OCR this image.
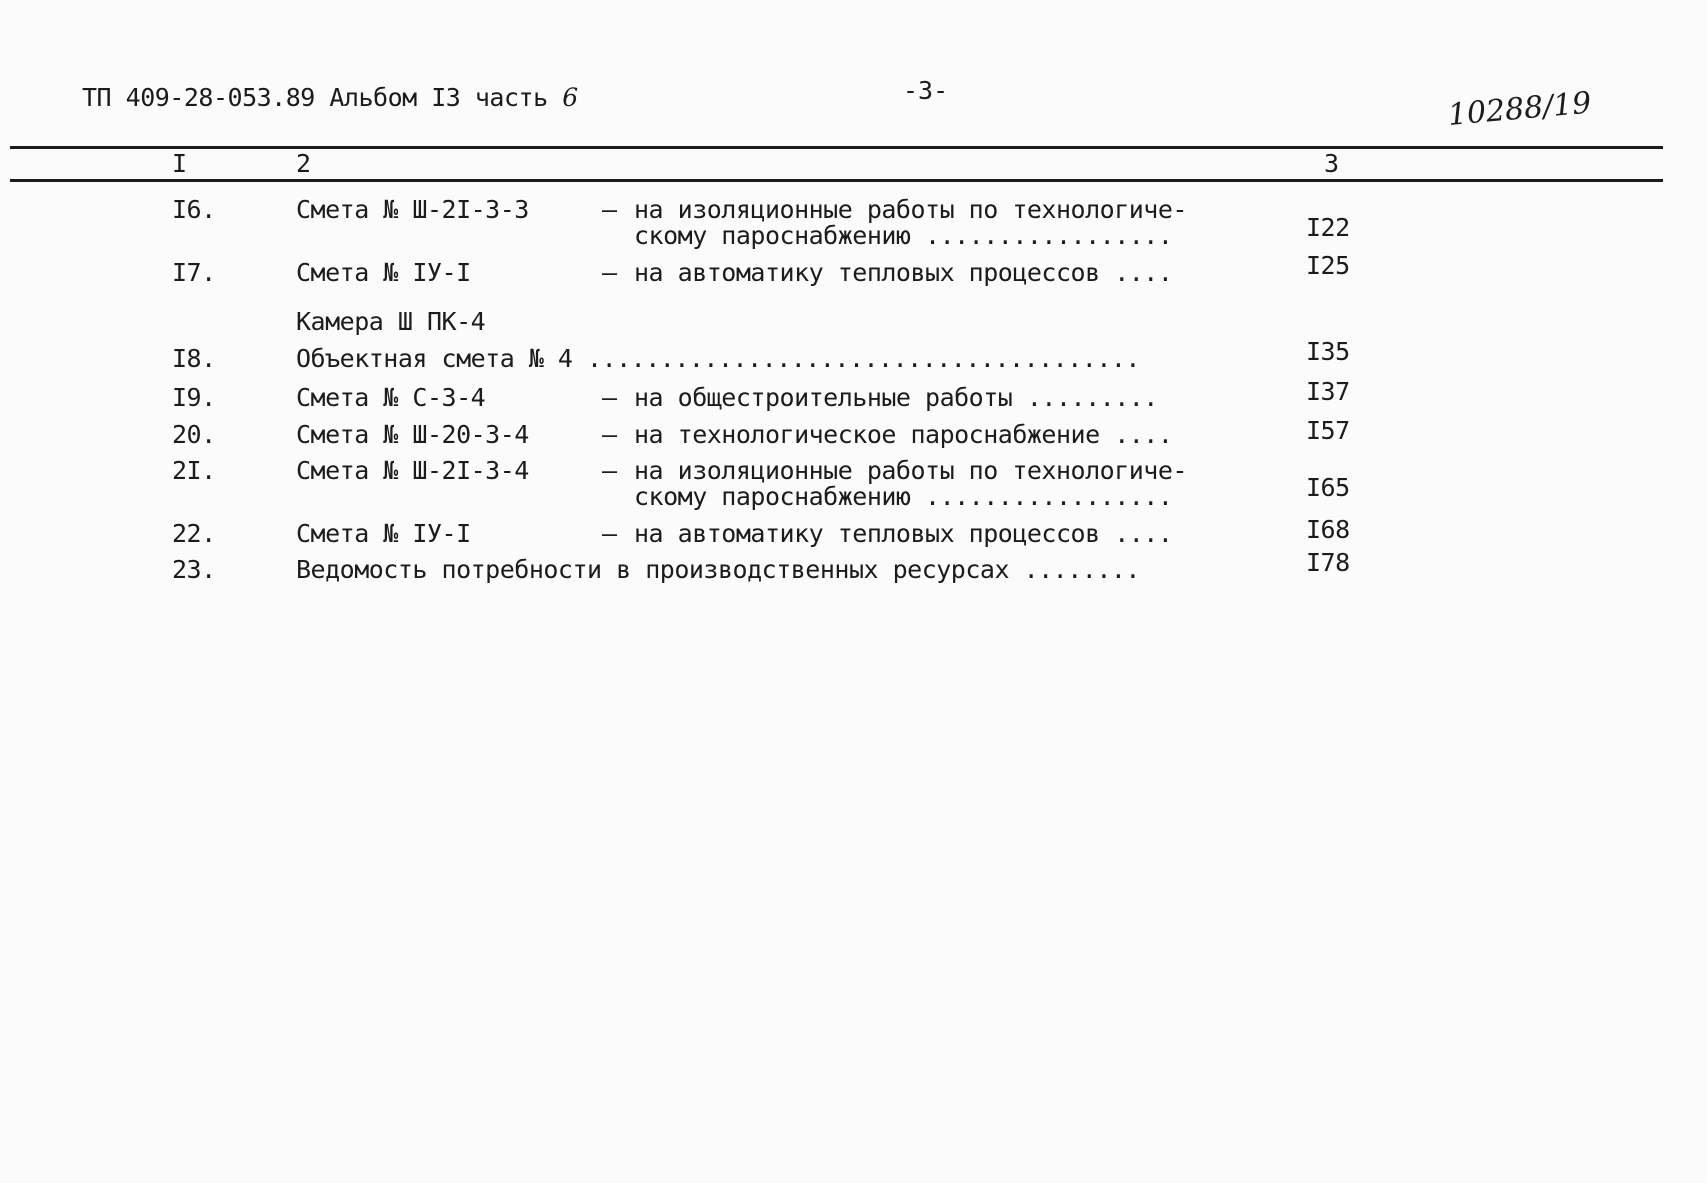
ТП 409-28-053.89 Альбом I3 часть 6	-3-	10288/19
I	2	3
I6.	Смета № Ш-2I-3-3	– на изоляционные работы по технологиче-
скому пароснабжению .................	I22
I7.	Смета № IУ-I	– на автоматику тепловых процессов ....	I25
Камера Ш ПК-4
I8.	Объектная смета № 4 ......................................	I35
I9.	Смета № С-3-4	– на общестроительные работы .........	I37
20.	Смета № Ш-20-3-4	– на технологическое пароснабжение ....	I57
2I.	Смета № Ш-2I-3-4	– на изоляционные работы по технологиче-
скому пароснабжению .................	I65
22.	Смета № IУ-I	– на автоматику тепловых процессов ....	I68
23.	Ведомость потребности в производственных ресурсах ........	I78
